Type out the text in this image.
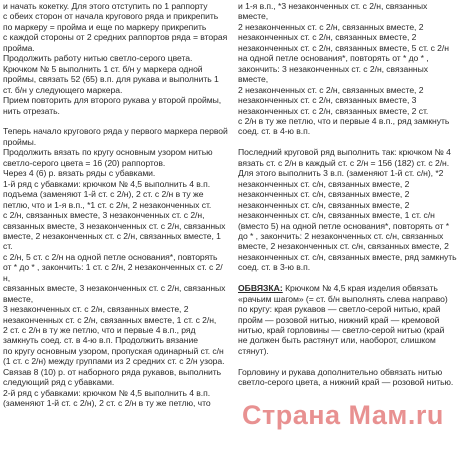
и начать кокетку. Для этого отступить по 1 раппорту
с обеих сторон от начала кругового ряда и прикрепить
по маркеру = пройма и еще по маркеру прикрепить
с каждой стороны от 2 средних раппортов ряда = вторая
пройма.
Продолжить работу нитью светло-серого цвета.
Крючком № 5 выполнить 1 ст. б/н у маркера одной
проймы, связать 52 (65) в.п. для рукава и выполнить 1
ст. б/н у следующего маркера.
Прием повторить для второго рукава у второй проймы,
нить отрезать.

Теперь начало кругового ряда у первого маркера первой
проймы.
Продолжить вязать по кругу основным узором нитью
светло-серого цвета = 16 (20) раппортов.
Через 4 (6) р. вязать ряды с убавками.
1-й ряд с убавками: крючком № 4,5 выполнить 4 в.п.
подъема (заменяют 1-й ст. с 2/н), 2 ст. с 2/н в ту же
петлю, что и 1-я в.п., *1 ст. с 2/н, 2 незаконченных ст.
с 2/н, связанных вместе, 3 незаконченных ст. с 2/н,
связанных вместе, 3 незаконченных ст. с 2/н, связанных
вместе, 2 незаконченных ст. с 2/н, связанных вместе, 1 ст.
с 2/н, 5 ст. с 2/н на одной петле основания*, повторять
от * до * , закончить: 1 ст. с 2/н, 2 незаконченных ст. с 2/н,
связанных вместе, 3 незаконченных ст. с 2/н, связанных вместе,
3 незаконченных ст. с 2/н, связанных вместе, 2
незаконченных ст. с 2/н, связанных вместе, 1 ст. с 2/н,
2 ст. с 2/н в ту же петлю, что и первые 4 в.п., ряд
замкнуть соед. ст. в 4-ю в.п. Продолжить вязание
по кругу основным узором, пропуская одинарный ст. с/н
(1 ст. с 2/н) между группами из 2 средних ст. с 2/н узора.
Связав 8 (10) р. от наборного ряда рукавов, выполнить
следующий ряд с убавками.
2-й ряд с убавками: крючком № 4,5 выполнить 4 в.п.
(заменяют 1-й ст. с 2/н), 2 ст. с 2/н в ту же петлю, что

и 1-я в.п., *3 незаконченных ст. с 2/н, связанных вместе,
2 незаконченных ст. с 2/н, связанных вместе, 2
незаконченных ст. с 2/н, связанных вместе, 2
незаконченных ст. с 2/н, связанных вместе, 5 ст. с 2/н
на одной петле основания*, повторять от * до * ,
закончить: 3 незаконченных ст. с 2/н, связанных вместе,
2 незаконченных ст. с 2/н, связанных вместе, 2
незаконченных ст. с 2/н, связанных вместе, 3
незаконченных ст. с 2/н, связанных вместе, 2 ст.
с 2/н в ту же петлю, что и первые 4 в.п., ряд замкнуть
соед. ст. в 4-ю в.п.

Последний круговой ряд выполнить так: крючком № 4
вязать ст. с 2/н в каждый ст. с 2/н = 156 (182) ст. с 2/н.
Для этого выполнить 3 в.п. (заменяют 1-й ст. с/н), *2
незаконченных ст. с/н, связанных вместе, 2
незаконченных ст. с/н, связанных вместе, 2
незаконченных ст. с/н, связанных вместе, 2
незаконченных ст. с/н, связанных вместе, 1 ст. с/н
(вместо 5) на одной петле основания*, повторять от *
до * , закончить: 2 незаконченных ст. с/н, связанных
вместе, 2 незаконченных ст. с/н, связанных вместе, 2
незаконченных ст. с/н, связанных вместе, ряд замкнуть
соед. ст. в 3-ю в.п.

ОБВЯЗКА: Крючком № 4,5 края изделия обвязать
«рачьим шагом» (= ст. б/н выполнять слева направо)
по кругу: края рукавов — светло-серой нитью, край
пройм — розовой нитью, нижний край — кремовой
нитью, край горловины — светло-серой нитью (край
не должен быть растянут или, наоборот, слишком
стянут).

Горловину и рукава дополнительно обвязать нитью
светло-серого цвета, а нижний край — розовой нитью.

Страна Мам.ru
